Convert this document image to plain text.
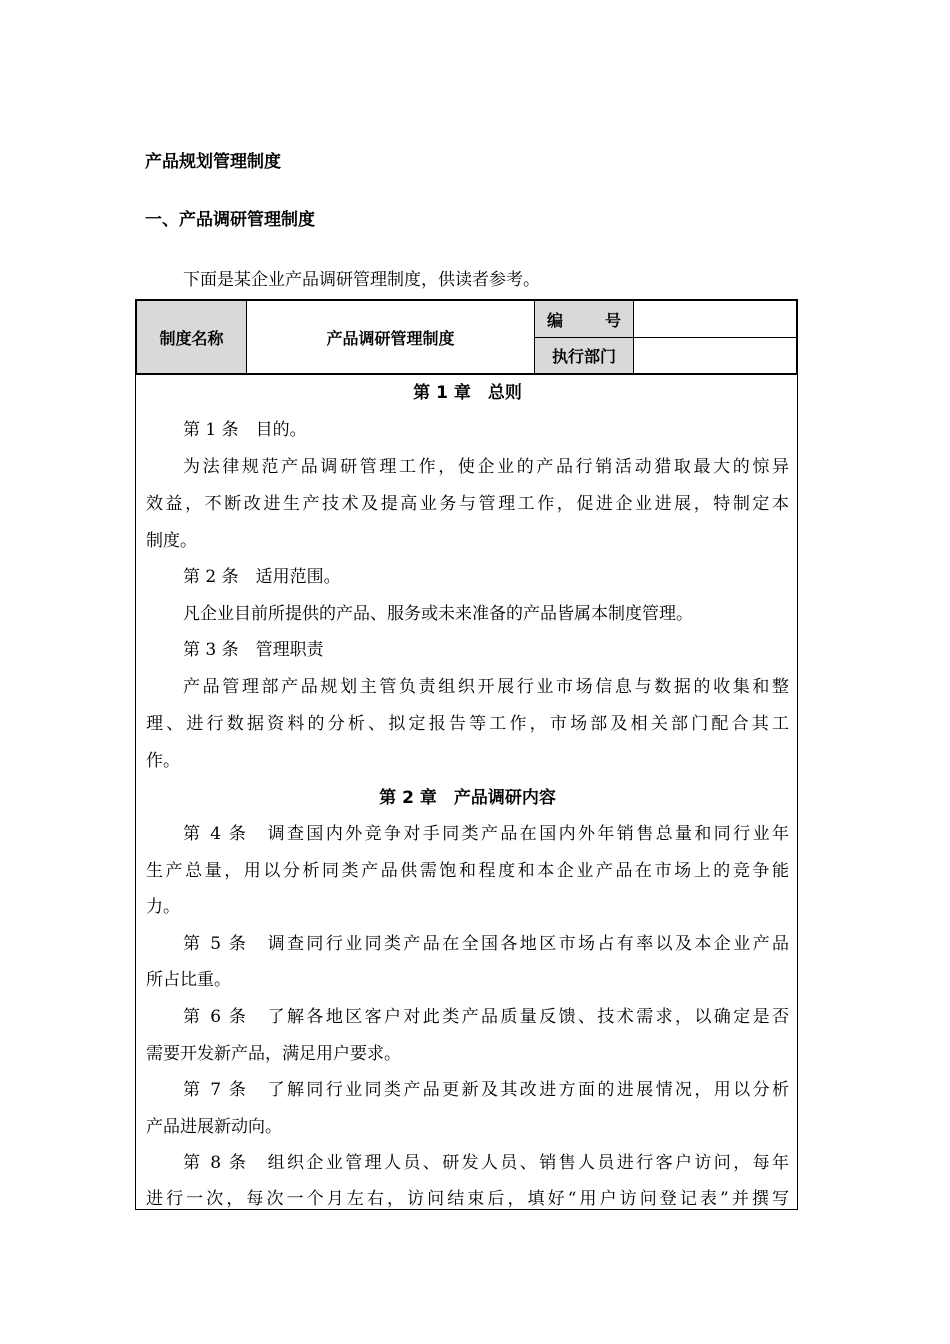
产品规划管理制度
一、产品调研管理制度
下面是某企业产品调研管理制度，供读者参考。
制度名称	产品调研管理制度
编	号
执行部门
第 1 章　总则
第 1 条　目的。
为法律规范产品调研管理工作，使企业的产品行销活动猎取最大的惊异
效益，不断改进生产技术及提高业务与管理工作，促进企业进展，特制定本
制度。
第 2 条　适用范围。
凡企业目前所提供的产品、服务或未来准备的产品皆属本制度管理。
第 3 条　管理职责
产品管理部产品规划主管负责组织开展行业市场信息与数据的收集和整
理、进行数据资料的分析、拟定报告等工作，市场部及相关部门配合其工
作。
第 2 章　产品调研内容
第 4 条　调查国内外竞争对手同类产品在国内外年销售总量和同行业年
生产总量，用以分析同类产品供需饱和程度和本企业产品在市场上的竞争能
力。
第 5 条　调查同行业同类产品在全国各地区市场占有率以及本企业产品
所占比重。
第 6 条　了解各地区客户对此类产品质量反馈、技术需求，以确定是否
需要开发新产品，满足用户要求。
第 7 条　了解同行业同类产品更新及其改进方面的进展情况，用以分析
产品进展新动向。
第 8 条　组织企业管理人员、研发人员、销售人员进行客户访问，每年
进行一次，每次一个月左右，访问结束后，填好“用户访问登记表”并撰写
